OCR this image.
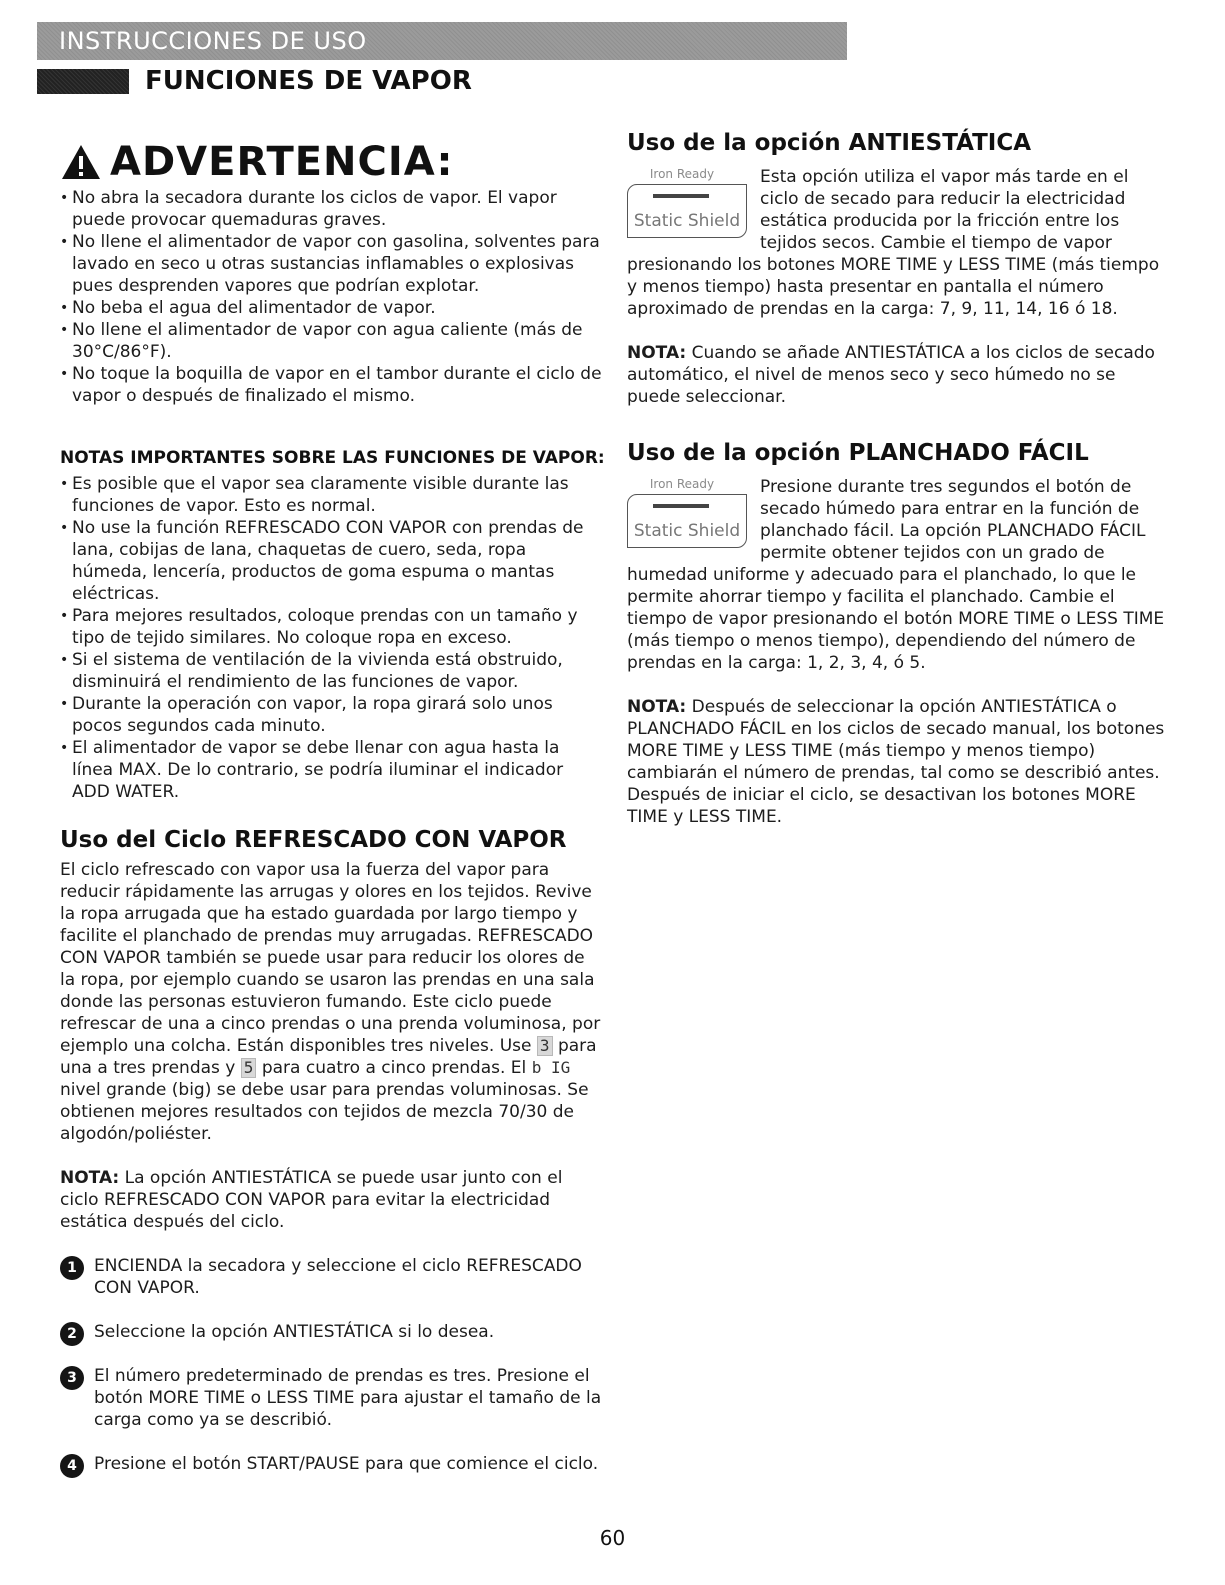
INSTRUCCIONES DE USO
FUNCIONES DE VAPOR
ADVERTENCIA:
• No abra la secadora durante los ciclos de vapor. El vapor puede provocar quemaduras graves.
• No llene el alimentador de vapor con gasolina, solventes para lavado en seco u otras sustancias inflamables o explosivas pues desprenden vapores que podrían explotar.
• No beba el agua del alimentador de vapor.
• No llene el alimentador de vapor con agua caliente (más de 30°C/86°F).
• No toque la boquilla de vapor en el tambor durante el ciclo de vapor o después de finalizado el mismo.
NOTAS IMPORTANTES SOBRE LAS FUNCIONES DE VAPOR:
• Es posible que el vapor sea claramente visible durante las funciones de vapor. Esto es normal.
• No use la función REFRESCADO CON VAPOR con prendas de lana, cobijas de lana, chaquetas de cuero, seda, ropa húmeda, lencería, productos de goma espuma o mantas eléctricas.
• Para mejores resultados, coloque prendas con un tamaño y tipo de tejido similares. No coloque ropa en exceso.
• Si el sistema de ventilación de la vivienda está obstruido, disminuirá el rendimiento de las funciones de vapor.
• Durante la operación con vapor, la ropa girará solo unos pocos segundos cada minuto.
• El alimentador de vapor se debe llenar con agua hasta la línea MAX. De lo contrario, se podría iluminar el indicador ADD WATER.
Uso del Ciclo REFRESCADO CON VAPOR

El ciclo refrescado con vapor usa la fuerza del vapor para reducir rápidamente las arrugas y olores en los tejidos. Revive la ropa arrugada que ha estado guardada por largo tiempo y facilite el planchado de prendas muy arrugadas. REFRESCADO CON VAPOR también se puede usar para reducir los olores de la ropa, por ejemplo cuando se usaron las prendas en una sala donde las personas estuvieron fumando. Este ciclo puede refrescar de una a cinco prendas o una prenda voluminosa, por ejemplo una colcha. Están disponibles tres niveles. Use 3 para una a tres prendas y 5 para cuatro a cinco prendas. El b IG nivel grande (big) se debe usar para prendas voluminosas. Se obtienen mejores resultados con tejidos de mezcla 70/30 de algodón/poliéster.

NOTA: La opción ANTIESTÁTICA se puede usar junto con el ciclo REFRESCADO CON VAPOR para evitar la electricidad estática después del ciclo.

1	ENCIENDA la secadora y seleccione el ciclo REFRESCADO CON VAPOR.
2	Seleccione la opción ANTIESTÁTICA si lo desea.
3	El número predeterminado de prendas es tres. Presione el botón MORE TIME o LESS TIME para ajustar el tamaño de la carga como ya se describió.
4	Presione el botón START/PAUSE para que comience el ciclo.
Uso de la opción ANTIESTÁTICA
Iron Ready
Static Shield

Esta opción utiliza el vapor más tarde en el ciclo de secado para reducir la electricidad estática producida por la fricción entre los tejidos secos. Cambie el tiempo de vapor presionando los botones MORE TIME y LESS TIME (más tiempo y menos tiempo) hasta presentar en pantalla el número aproximado de prendas en la carga: 7, 9, 11, 14, 16 ó 18.

NOTA: Cuando se añade ANTIESTÁTICA a los ciclos de secado automático, el nivel de menos seco y seco húmedo no se puede seleccionar.

Uso de la opción PLANCHADO FÁCIL
Iron Ready
Static Shield

Presione durante tres segundos el botón de secado húmedo para entrar en la función de planchado fácil. La opción PLANCHADO FÁCIL permite obtener tejidos con un grado de humedad uniforme y adecuado para el planchado, lo que le permite ahorrar tiempo y facilita el planchado. Cambie el tiempo de vapor presionando el botón MORE TIME o LESS TIME (más tiempo o menos tiempo), dependiendo del número de prendas en la carga: 1, 2, 3, 4, ó 5.

NOTA: Después de seleccionar la opción ANTIESTÁTICA o PLANCHADO FÁCIL en los ciclos de secado manual, los botones MORE TIME y LESS TIME (más tiempo y menos tiempo) cambiarán el número de prendas, tal como se describió antes. Después de iniciar el ciclo, se desactivan los botones MORE TIME y LESS TIME.

60
